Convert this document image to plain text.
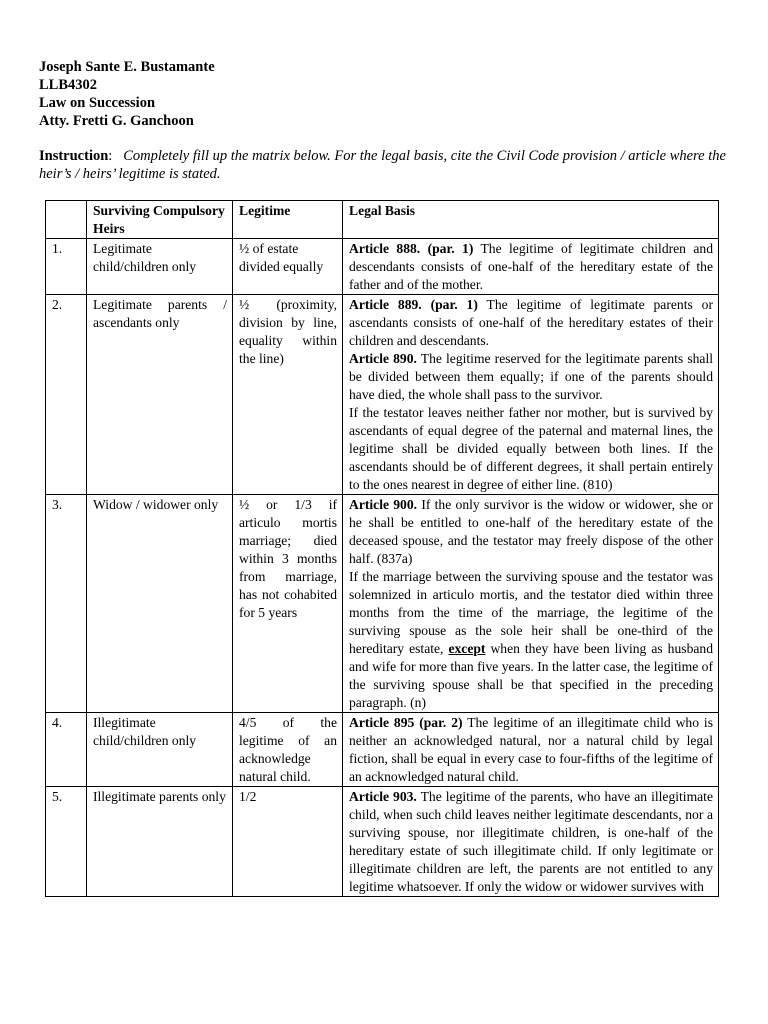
Joseph Sante E. Bustamante
LLB4302
Law on Succession
Atty. Fretti G. Ganchoon
Instruction: Completely fill up the matrix below. For the legal basis, cite the Civil Code provision / article where the heir’s / heirs’ legitime is stated.
	Surviving Compulsory Heirs	Legitime	Legal Basis
1.	Legitimate child/children only	½ of estate divided equally	Article 888. (par. 1) The legitime of legitimate children and descendants consists of one-half of the hereditary estate of the father and of the mother.
2.	Legitimate parents / ascendants only	½ (proximity, division by line, equality within the line)	Article 889. (par. 1) The legitime of legitimate parents or ascendants consists of one-half of the hereditary estates of their children and descendants.
Article 890. The legitime reserved for the legitimate parents shall be divided between them equally; if one of the parents should have died, the whole shall pass to the survivor.
If the testator leaves neither father nor mother, but is survived by ascendants of equal degree of the paternal and maternal lines, the legitime shall be divided equally between both lines. If the ascendants should be of different degrees, it shall pertain entirely to the ones nearest in degree of either line. (810)

3.	Widow / widower only	½ or 1/3 if articulo mortis marriage; died within 3 months from marriage, has not cohabited for 5 years	Article 900. If the only survivor is the widow or widower, she or he shall be entitled to one-half of the hereditary estate of the deceased spouse, and the testator may freely dispose of the other half. (837a)
If the marriage between the surviving spouse and the testator was solemnized in articulo mortis, and the testator died within three months from the time of the marriage, the legitime of the surviving spouse as the sole heir shall be one-third of the hereditary estate, except when they have been living as husband and wife for more than five years. In the latter case, the legitime of the surviving spouse shall be that specified in the preceding paragraph. (n)

4.	Illegitimate child/children only	4/5 of the legitime of an acknowledge natural child.	Article 895 (par. 2) The legitime of an illegitimate child who is neither an acknowledged natural, nor a natural child by legal fiction, shall be equal in every case to four-fifths of the legitime of an acknowledged natural child.
5.	Illegitimate parents only	1/2	Article 903. The legitime of the parents, who have an illegitimate child, when such child leaves neither legitimate descendants, nor a surviving spouse, nor illegitimate children, is one-half of the hereditary estate of such illegitimate child. If only legitimate or illegitimate children are left, the parents are not entitled to any legitime whatsoever. If only the widow or widower survives with
